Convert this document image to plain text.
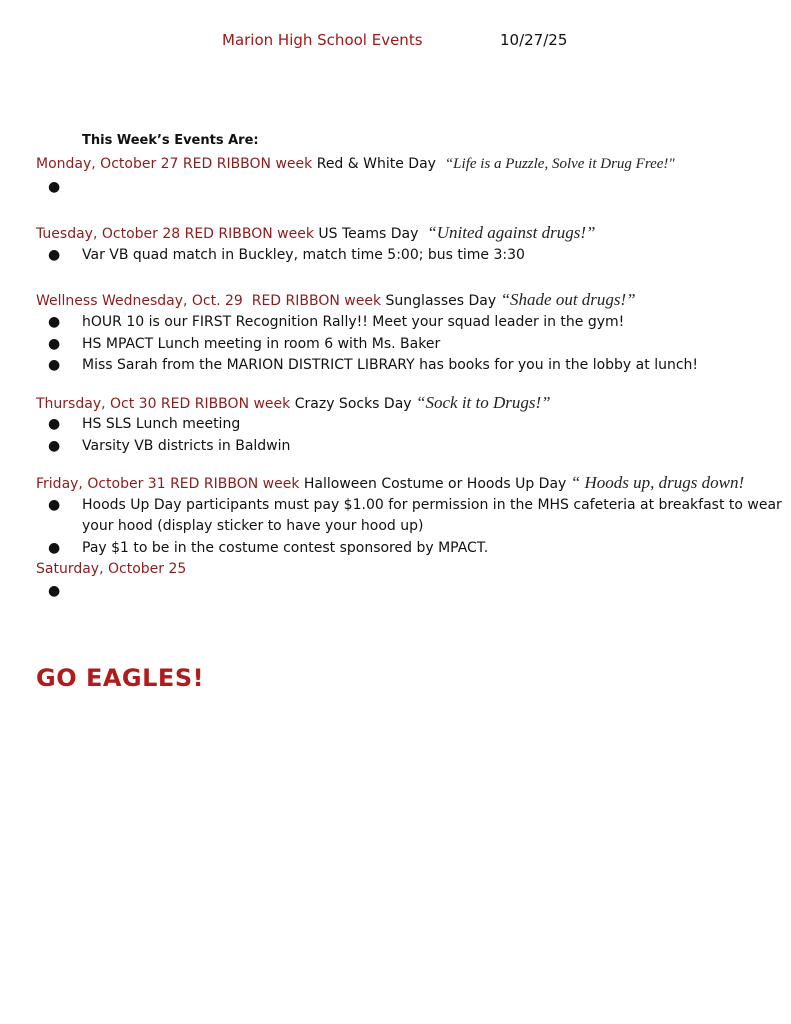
Marion High School Events	10/27/25
This Week’s Events Are:
Monday, October 27 RED RIBBON week Red & White Day “Life is a Puzzle, Solve it Drug Free!"
●
Tuesday, October 28 RED RIBBON week US Teams Day “United against drugs!”
● Var VB quad match in Buckley, match time 5:00; bus time 3:30
Wellness Wednesday, Oct. 29  RED RIBBON week Sunglasses Day “Shade out drugs!”
● hOUR 10 is our FIRST Recognition Rally!! Meet your squad leader in the gym!
● HS MPACT Lunch meeting in room 6 with Ms. Baker
● Miss Sarah from the MARION DISTRICT LIBRARY has books for you in the lobby at lunch!
Thursday, Oct 30 RED RIBBON week Crazy Socks Day “Sock it to Drugs!”
● HS SLS Lunch meeting
● Varsity VB districts in Baldwin
Friday, October 31 RED RIBBON week Halloween Costume or Hoods Up Day “ Hoods up, drugs down!
● Hoods Up Day participants must pay $1.00 for permission in the MHS cafeteria at breakfast to wear
your hood (display sticker to have your hood up)
● Pay $1 to be in the costume contest sponsored by MPACT.
Saturday, October 25
●
GO EAGLES!
